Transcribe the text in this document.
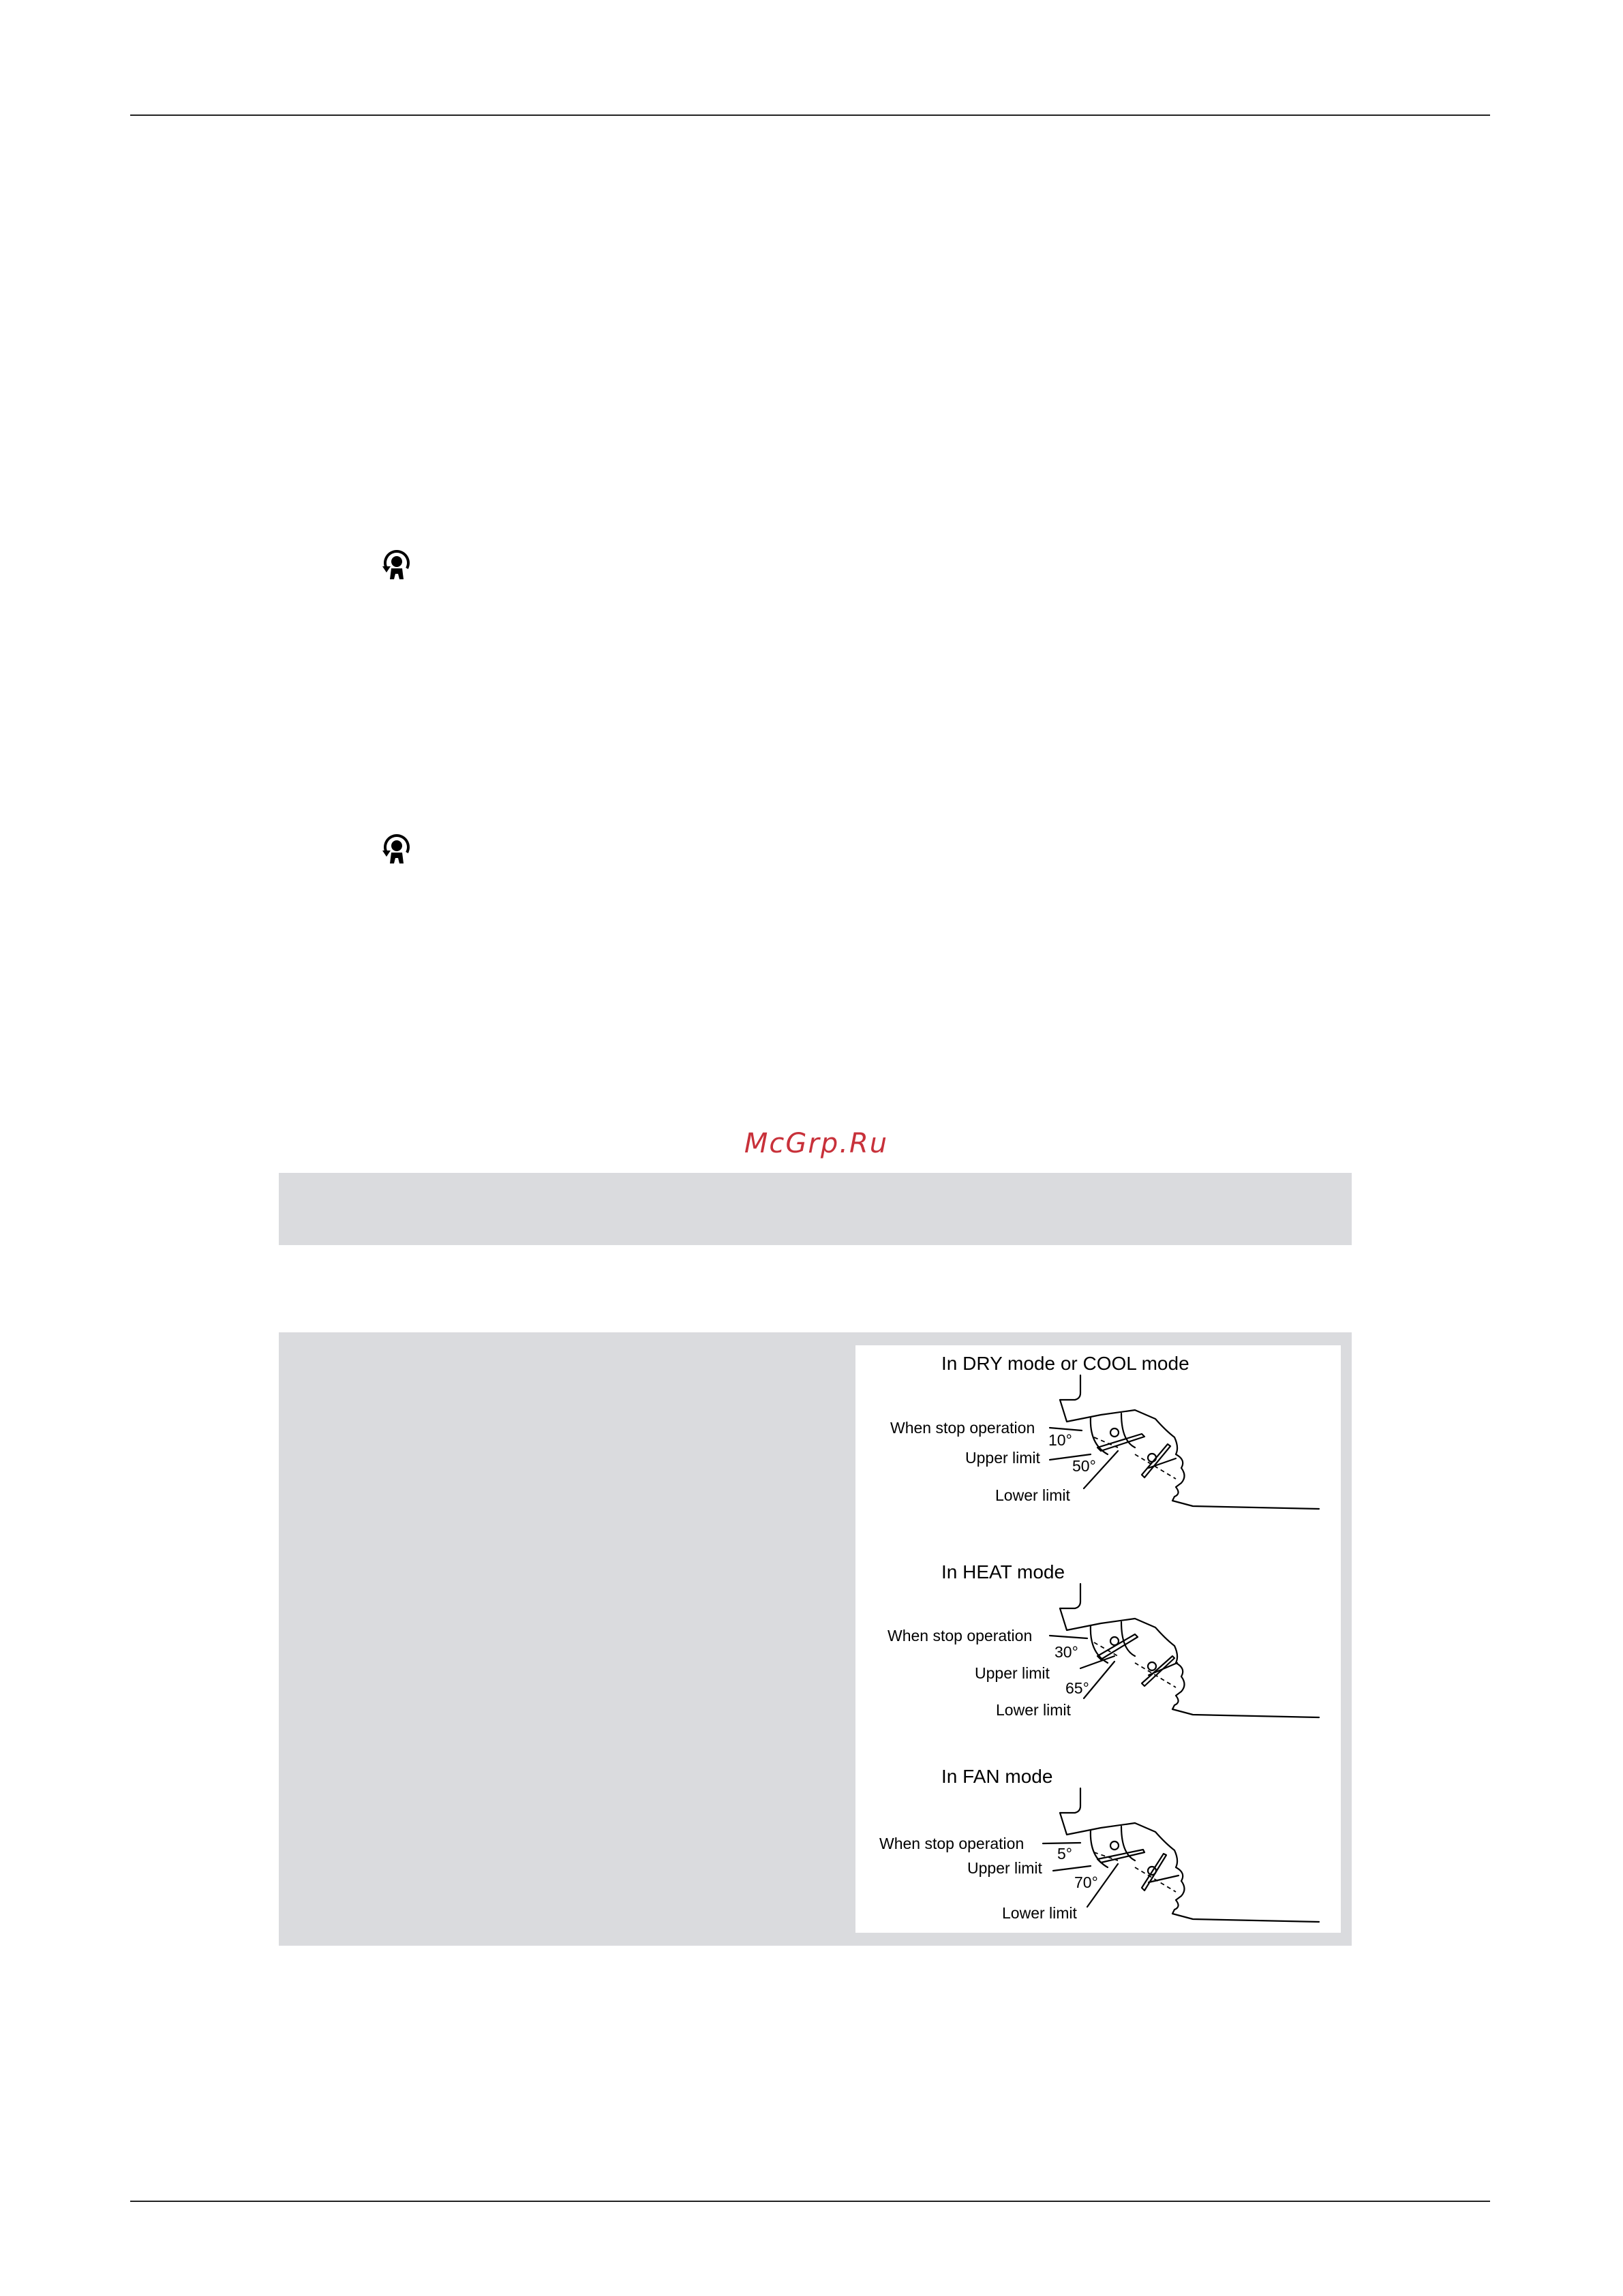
McGrp.Ru
In DRY mode or COOL mode
When stop operation
10°
Upper limit 50°
Lower limit
In HEAT mode
When stop operation
30°
Upper limit
65°
Lower limit
In FAN mode
When stop operation
5°
Upper limit
70°
Lower limit
